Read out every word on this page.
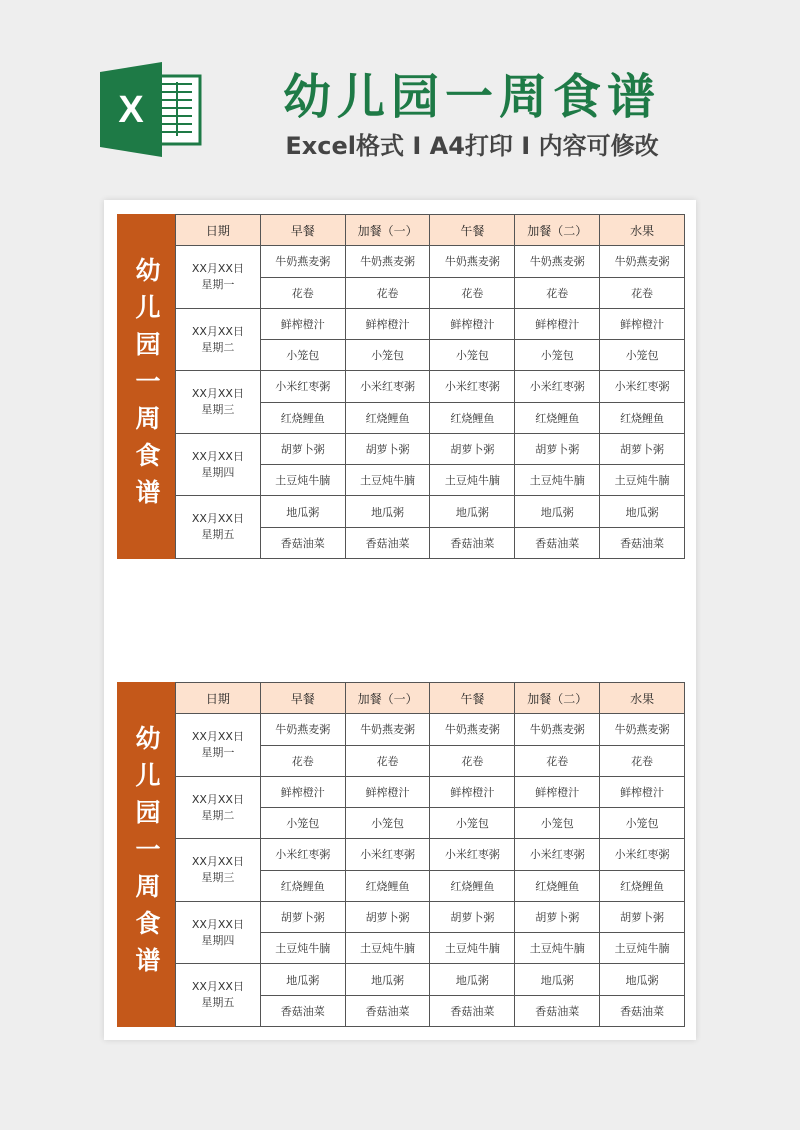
X	幼儿园一周食谱
Excel格式 I A4打印 I 内容可修改
幼儿园一周食谱
日期	早餐	加餐（一）	午餐	加餐（二）	水果

XX月XX日
星期一	牛奶燕麦粥	牛奶燕麦粥	牛奶燕麦粥	牛奶燕麦粥	牛奶燕麦粥
	花卷	花卷	花卷	花卷	花卷

XX月XX日
星期二	鲜榨橙汁	鲜榨橙汁	鲜榨橙汁	鲜榨橙汁	鲜榨橙汁
	小笼包	小笼包	小笼包	小笼包	小笼包

XX月XX日
星期三	小米红枣粥	小米红枣粥	小米红枣粥	小米红枣粥	小米红枣粥
	红烧鲤鱼	红烧鲤鱼	红烧鲤鱼	红烧鲤鱼	红烧鲤鱼

XX月XX日
星期四	胡萝卜粥	胡萝卜粥	胡萝卜粥	胡萝卜粥	胡萝卜粥
	土豆炖牛腩	土豆炖牛腩	土豆炖牛腩	土豆炖牛腩	土豆炖牛腩

XX月XX日
星期五	地瓜粥	地瓜粥	地瓜粥	地瓜粥	地瓜粥
	香菇油菜	香菇油菜	香菇油菜	香菇油菜	香菇油菜
幼儿园一周食谱
日期	早餐	加餐（一）	午餐	加餐（二）	水果

XX月XX日
星期一	牛奶燕麦粥	牛奶燕麦粥	牛奶燕麦粥	牛奶燕麦粥	牛奶燕麦粥
	花卷	花卷	花卷	花卷	花卷

XX月XX日
星期二	鲜榨橙汁	鲜榨橙汁	鲜榨橙汁	鲜榨橙汁	鲜榨橙汁
	小笼包	小笼包	小笼包	小笼包	小笼包

XX月XX日
星期三	小米红枣粥	小米红枣粥	小米红枣粥	小米红枣粥	小米红枣粥
	红烧鲤鱼	红烧鲤鱼	红烧鲤鱼	红烧鲤鱼	红烧鲤鱼

XX月XX日
星期四	胡萝卜粥	胡萝卜粥	胡萝卜粥	胡萝卜粥	胡萝卜粥
	土豆炖牛腩	土豆炖牛腩	土豆炖牛腩	土豆炖牛腩	土豆炖牛腩

XX月XX日
星期五	地瓜粥	地瓜粥	地瓜粥	地瓜粥	地瓜粥
	香菇油菜	香菇油菜	香菇油菜	香菇油菜	香菇油菜
